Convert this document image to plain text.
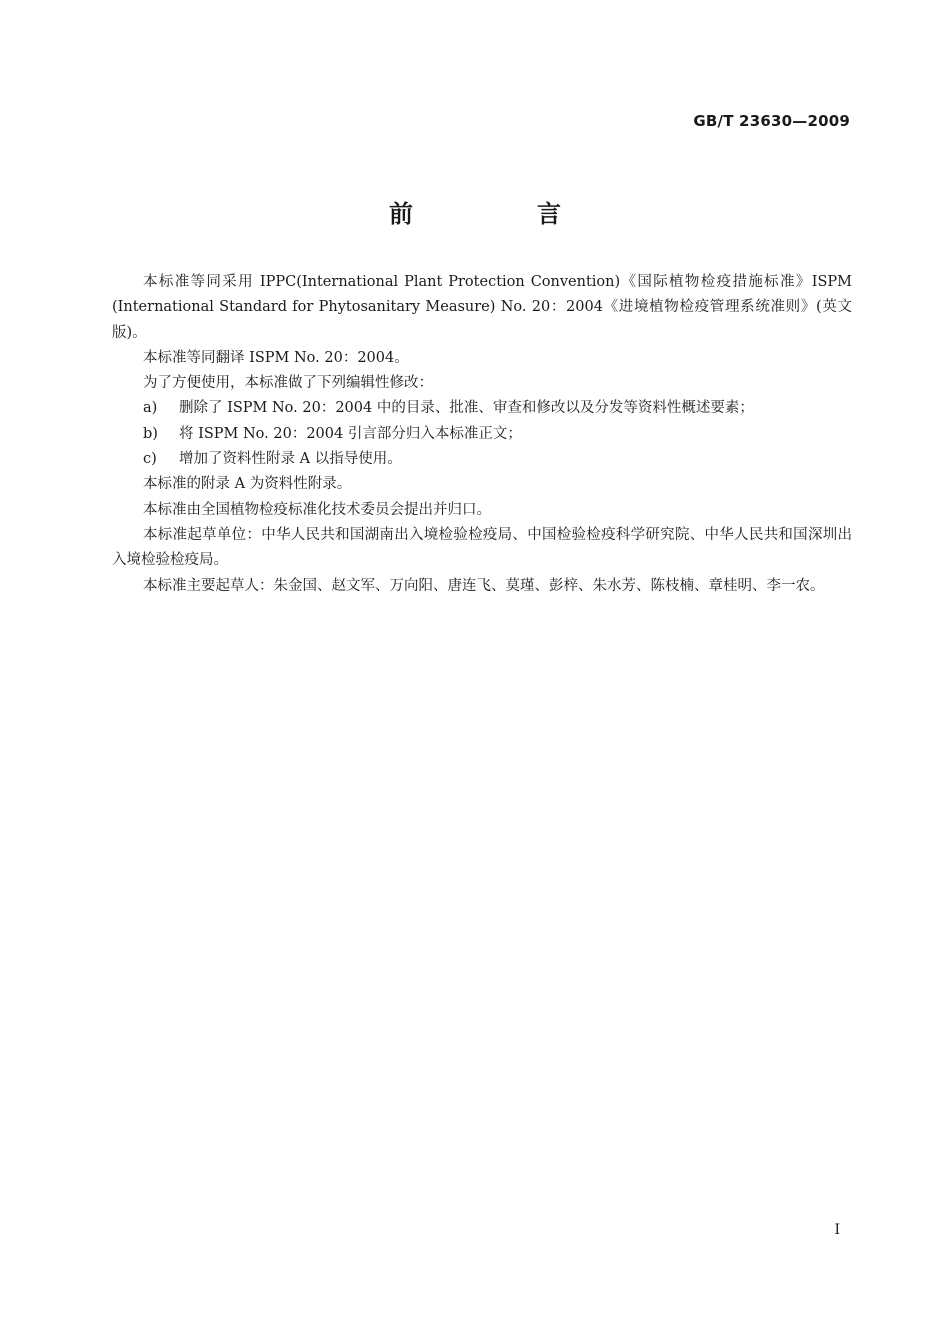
GB/T 23630—2009
前　言

本标准等同采用 IPPC(International Plant Protection Convention)《国际植物检疫措施标准》ISPM (International Standard for Phytosanitary Measure) No. 20：2004《进境植物检疫管理系统准则》(英文版)。

本标准等同翻译 ISPM No. 20：2004。

为了方便使用，本标准做了下列编辑性修改：

a) 删除了 ISPM No. 20：2004 中的目录、批准、审查和修改以及分发等资料性概述要素；

b) 将 ISPM No. 20：2004 引言部分归入本标准正文；

c) 增加了资料性附录 A 以指导使用。

本标准的附录 A 为资料性附录。

本标准由全国植物检疫标准化技术委员会提出并归口。

本标准起草单位：中华人民共和国湖南出入境检验检疫局、中国检验检疫科学研究院、中华人民共和国深圳出入境检验检疫局。

本标准主要起草人：朱金国、赵文军、万向阳、唐连飞、莫瑾、彭梓、朱水芳、陈枝楠、章桂明、李一农。

I
